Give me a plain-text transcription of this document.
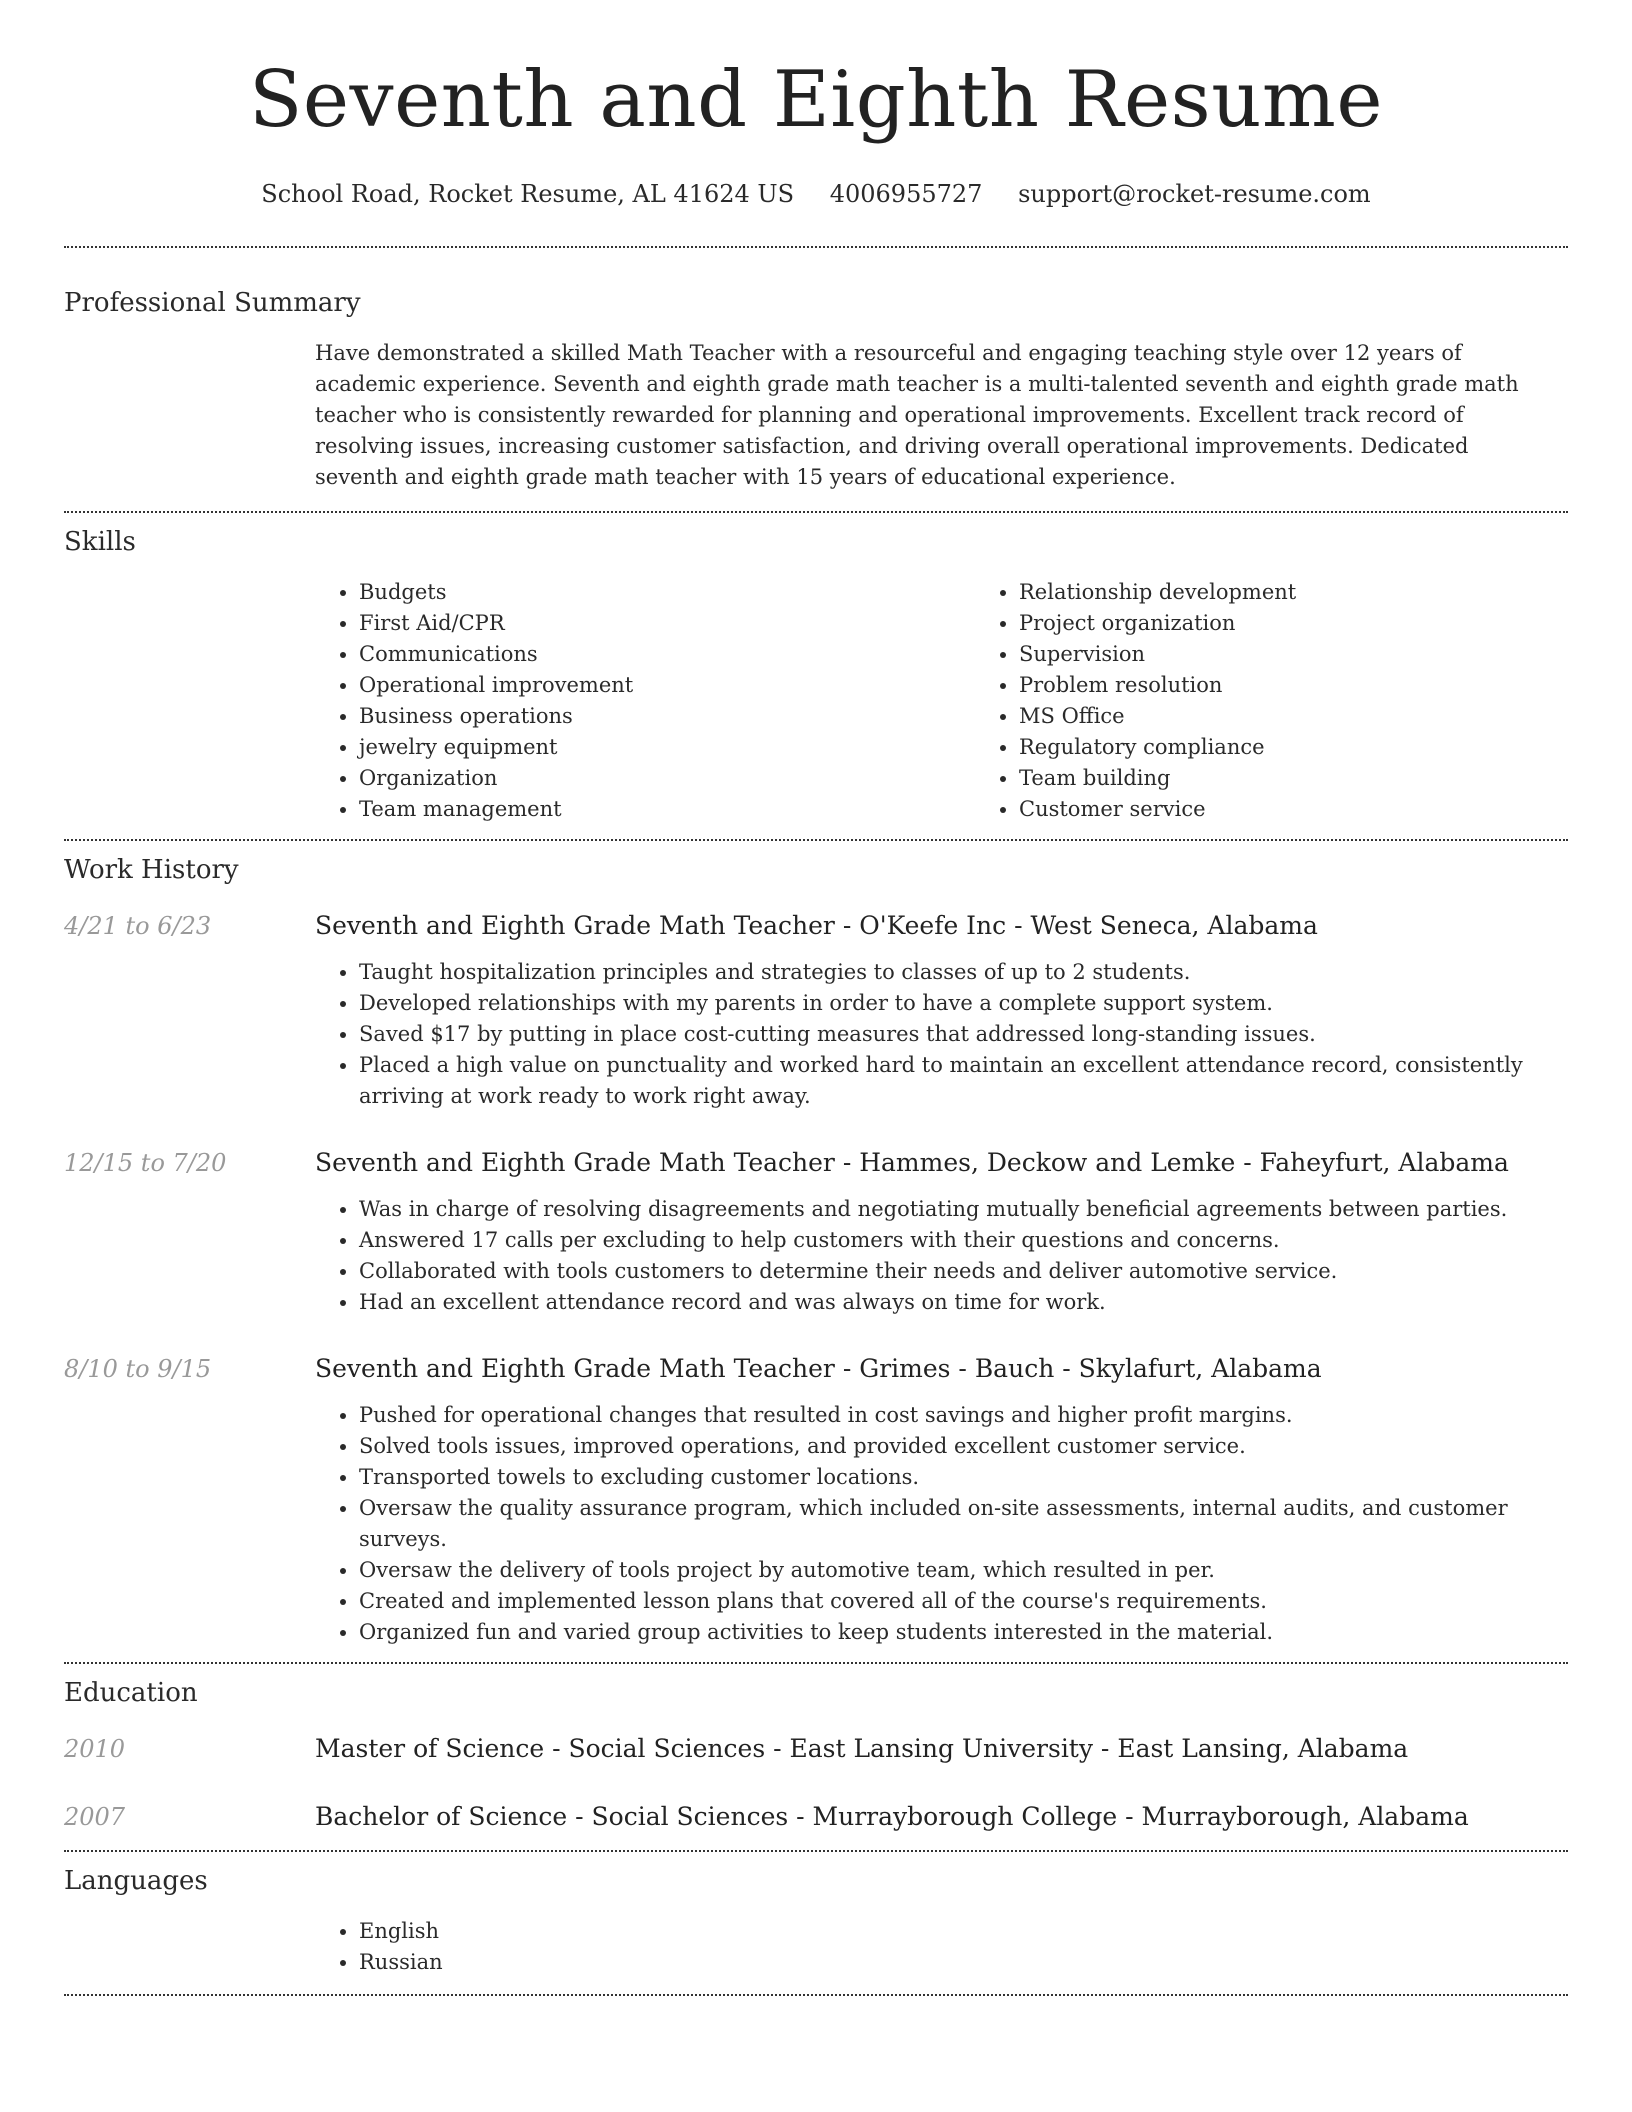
Seventh and Eighth Resume
School Road, Rocket Resume, AL 41624 US 4006955727 support@rocket-resume.com
Professional Summary

Have demonstrated a skilled Math Teacher with a resourceful and engaging teaching style over 12 years of academic experience. Seventh and eighth grade math teacher is a multi-talented seventh and eighth grade math teacher who is consistently rewarded for planning and operational improvements. Excellent track record of resolving issues, increasing customer satisfaction, and driving overall operational improvements. Dedicated seventh and eighth grade math teacher with 15 years of educational experience.

Skills
• Budgets
• First Aid/CPR
• Communications
• Operational improvement
• Business operations
• jewelry equipment
• Organization
• Team management
• Relationship development
• Project organization
• Supervision
• Problem resolution
• MS Office
• Regulatory compliance
• Team building
• Customer service
Work History
4/21 to 6/23	Seventh and Eighth Grade Math Teacher - O'Keefe Inc - West Seneca, Alabama
• Taught hospitalization principles and strategies to classes of up to 2 students.
• Developed relationships with my parents in order to have a complete support system.
• Saved $17 by putting in place cost-cutting measures that addressed long-standing issues.
• Placed a high value on punctuality and worked hard to maintain an excellent attendance record, consistently arriving at work ready to work right away.
12/15 to 7/20	Seventh and Eighth Grade Math Teacher - Hammes, Deckow and Lemke - Faheyfurt, Alabama
• Was in charge of resolving disagreements and negotiating mutually beneficial agreements between parties.
• Answered 17 calls per excluding to help customers with their questions and concerns.
• Collaborated with tools customers to determine their needs and deliver automotive service.
• Had an excellent attendance record and was always on time for work.
8/10 to 9/15	Seventh and Eighth Grade Math Teacher - Grimes - Bauch - Skylafurt, Alabama
• Pushed for operational changes that resulted in cost savings and higher profit margins.
• Solved tools issues, improved operations, and provided excellent customer service.
• Transported towels to excluding customer locations.
• Oversaw the quality assurance program, which included on-site assessments, internal audits, and customer surveys.
• Oversaw the delivery of tools project by automotive team, which resulted in per.
• Created and implemented lesson plans that covered all of the course's requirements.
• Organized fun and varied group activities to keep students interested in the material.
Education
2010	Master of Science - Social Sciences - East Lansing University - East Lansing, Alabama
2007	Bachelor of Science - Social Sciences - Murrayborough College - Murrayborough, Alabama
Languages
• English
• Russian
